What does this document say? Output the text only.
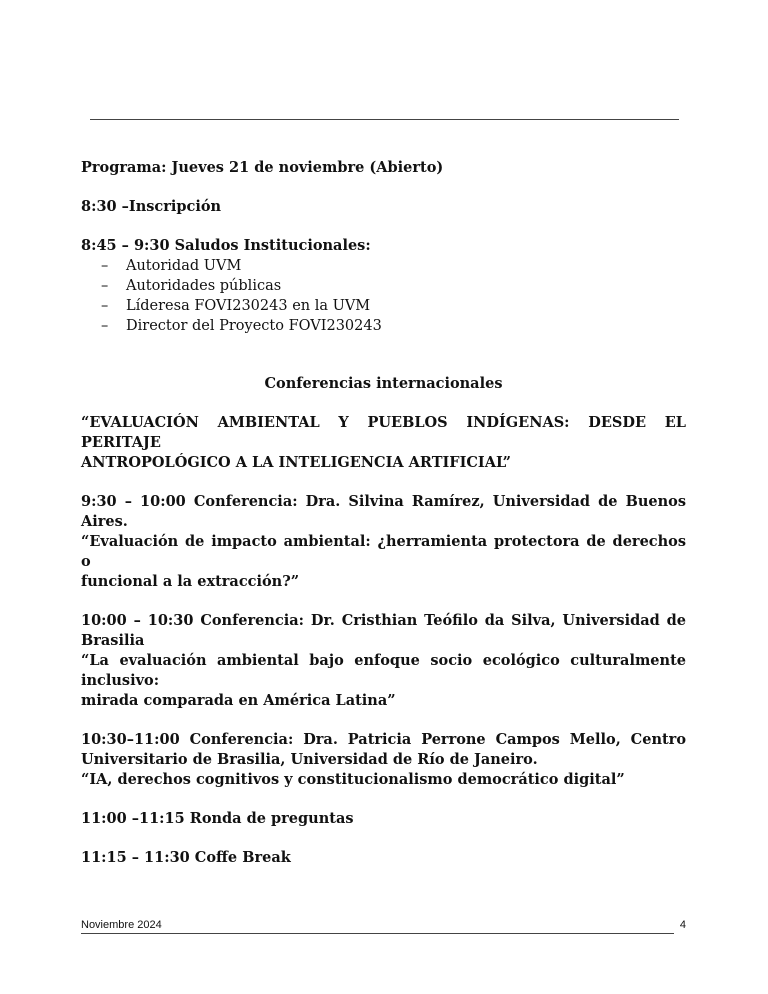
Programa: Jueves 21 de noviembre (Abierto)

8:30 –Inscripción

8:45 – 9:30 Saludos Institucionales:

– Autoridad UVM
– Autoridades públicas
– Líderesa FOVI230243 en la UVM
– Director del Proyecto FOVI230243

Conferencias internacionales

“EVALUACIÓN AMBIENTAL Y PUEBLOS INDÍGENAS: DESDE EL PERITAJE

ANTROPOLÓGICO A LA INTELIGENCIA ARTIFICIAL”

9:30 – 10:00 Conferencia: Dra. Silvina Ramírez, Universidad de Buenos Aires.

“Evaluación de impacto ambiental: ¿herramienta protectora de derechos o

funcional a la extracción?”

10:00 – 10:30 Conferencia: Dr. Cristhian Teófilo da Silva, Universidad de Brasilia

“La evaluación ambiental bajo enfoque socio ecológico culturalmente inclusivo:

mirada comparada en América Latina”

10:30–11:00 Conferencia: Dra. Patricia Perrone Campos Mello, Centro

Universitario de Brasilia, Universidad de Río de Janeiro.

“IA, derechos cognitivos y constitucionalismo democrático digital”

11:00 –11:15 Ronda de preguntas

11:15 – 11:30 Coffe Break

Noviembre 2024	4
